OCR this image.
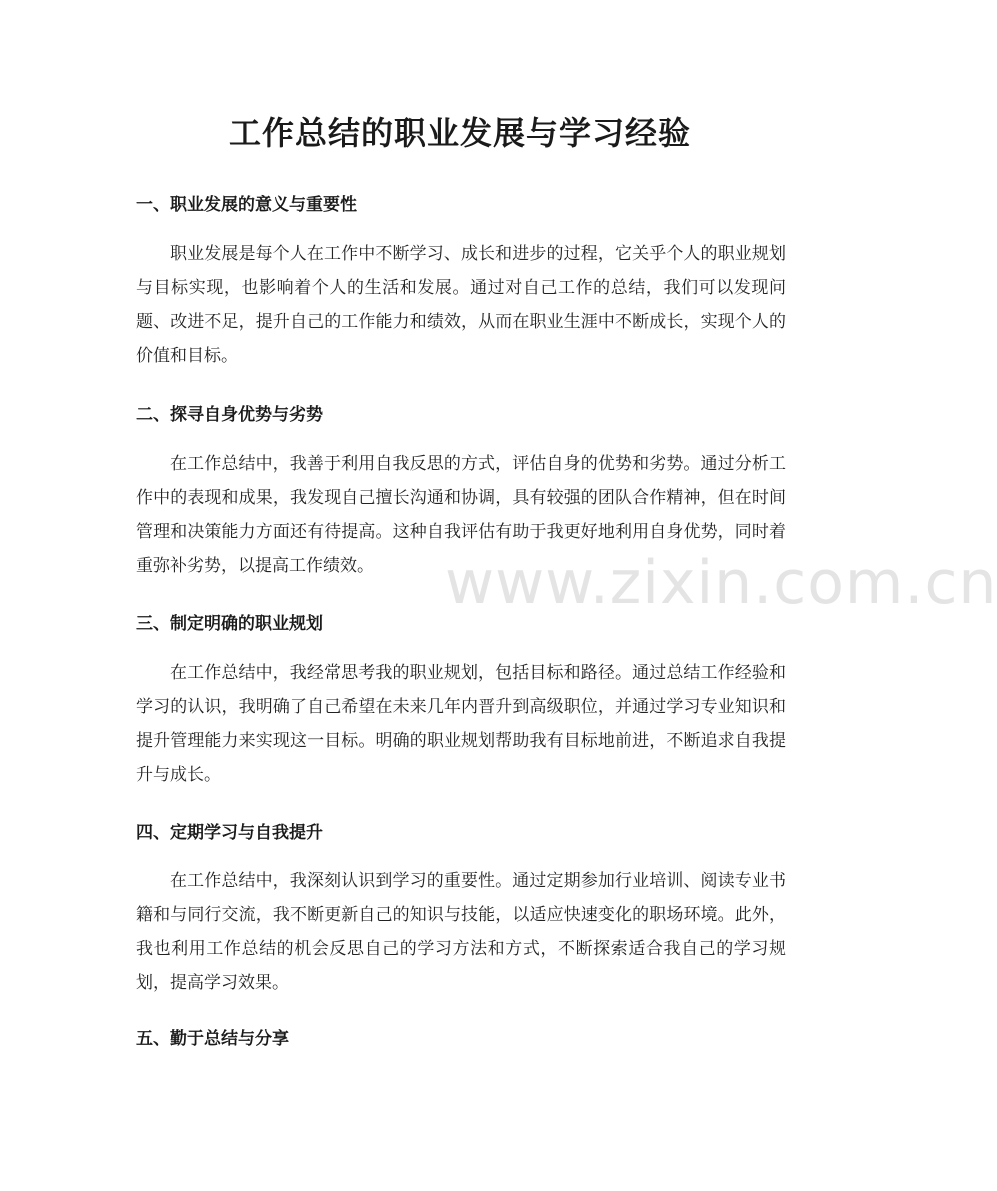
工作总结的职业发展与学习经验
一、职业发展的意义与重要性

职业发展是每个人在工作中不断学习、成长和进步的过程，它关乎个人的职业规划与目标实现，也影响着个人的生活和发展。通过对自己工作的总结，我们可以发现问题、改进不足，提升自己的工作能力和绩效，从而在职业生涯中不断成长，实现个人的价值和目标。

二、探寻自身优势与劣势

在工作总结中，我善于利用自我反思的方式，评估自身的优势和劣势。通过分析工作中的表现和成果，我发现自己擅长沟通和协调，具有较强的团队合作精神，但在时间管理和决策能力方面还有待提高。这种自我评估有助于我更好地利用自身优势，同时着重弥补劣势，以提高工作绩效。

三、制定明确的职业规划

在工作总结中，我经常思考我的职业规划，包括目标和路径。通过总结工作经验和学习的认识，我明确了自己希望在未来几年内晋升到高级职位，并通过学习专业知识和提升管理能力来实现这一目标。明确的职业规划帮助我有目标地前进，不断追求自我提升与成长。

四、定期学习与自我提升

在工作总结中，我深刻认识到学习的重要性。通过定期参加行业培训、阅读专业书籍和与同行交流，我不断更新自己的知识与技能，以适应快速变化的职场环境。此外，我也利用工作总结的机会反思自己的学习方法和方式，不断探索适合我自己的学习规划，提高学习效果。

五、勤于总结与分享
www.zixin.com.cn
